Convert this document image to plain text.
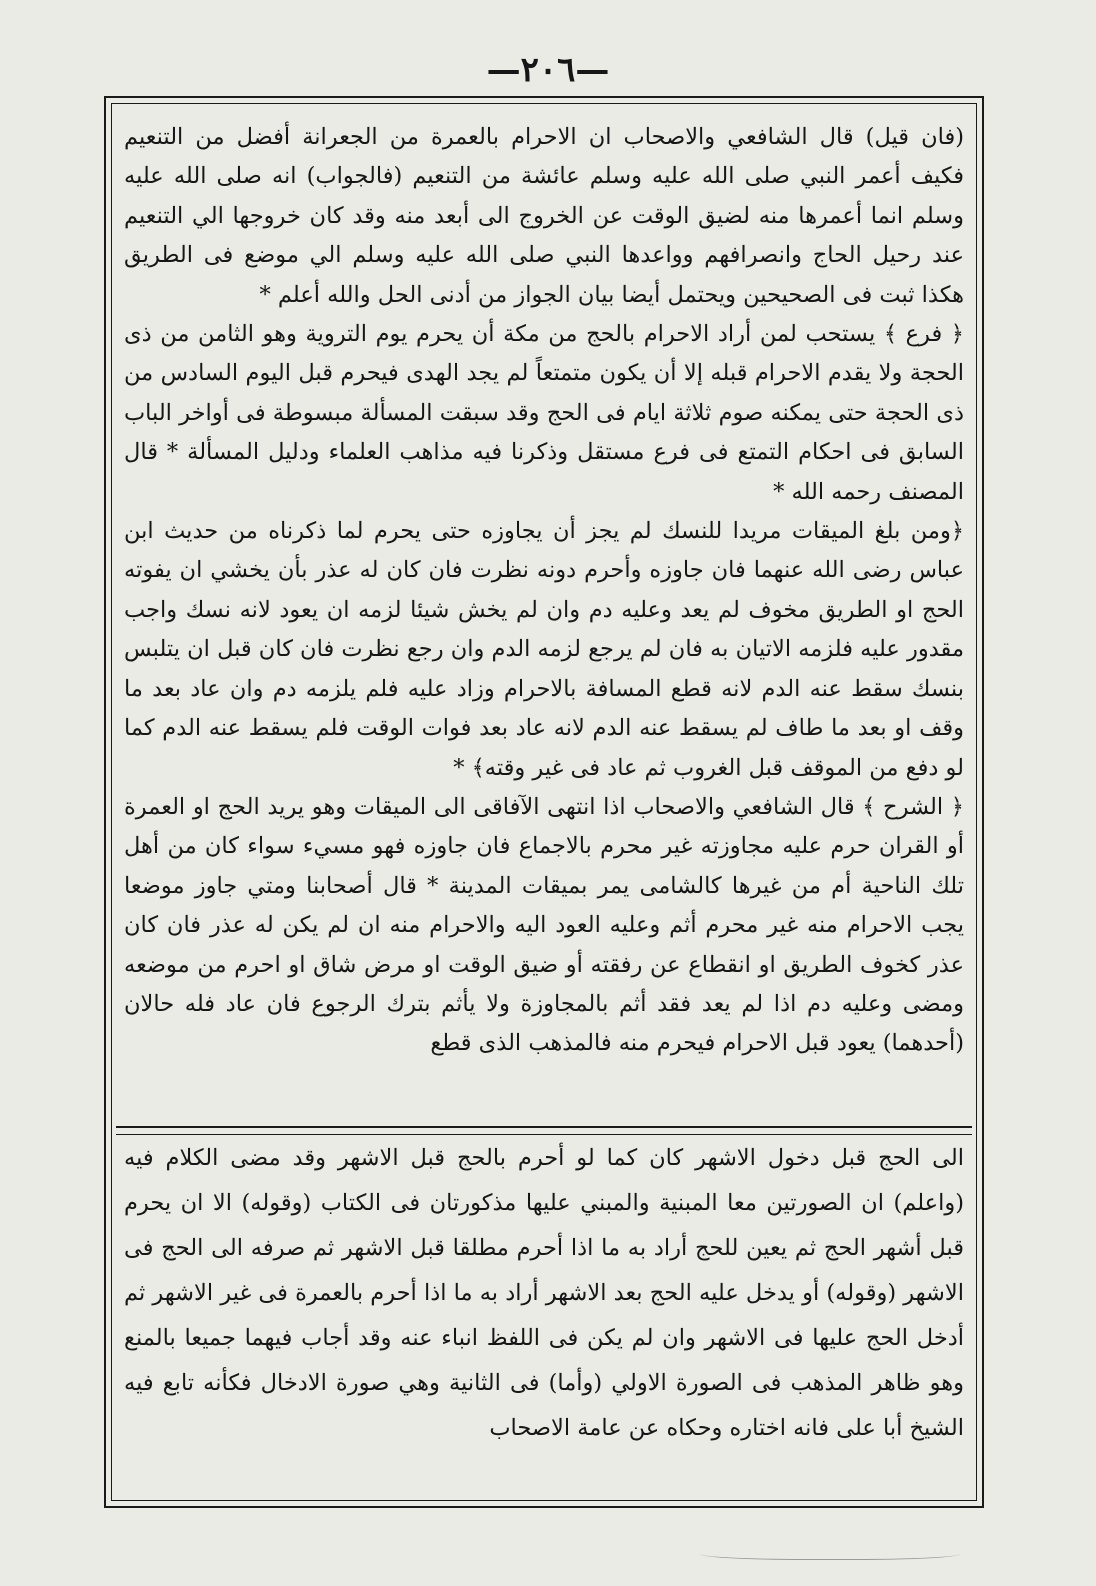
—٢٠٦—

(فان قيل) قال الشافعي والاصحاب ان الاحرام بالعمرة من الجعرانة أفضل من التنعيم فكيف أعمر النبي صلى الله عليه وسلم عائشة من التنعيم (فالجواب) انه صلى الله عليه وسلم انما أعمرها منه لضيق الوقت عن الخروج الى أبعد منه وقد كان خروجها الي التنعيم عند رحيل الحاج وانصرافهم وواعدها النبي صلى الله عليه وسلم الي موضع فى الطريق هكذا ثبت فى الصحيحين ويحتمل أيضا بيان الجواز من أدنى الحل والله أعلم *

﴿ فرع ﴾ يستحب لمن أراد الاحرام بالحج من مكة أن يحرم يوم التروية وهو الثامن من ذى الحجة ولا يقدم الاحرام قبله إلا أن يكون متمتعاً لم يجد الهدى فيحرم قبل اليوم السادس من ذى الحجة حتى يمكنه صوم ثلاثة ايام فى الحج وقد سبقت المسألة مبسوطة فى أواخر الباب السابق فى احكام التمتع فى فرع مستقل وذكرنا فيه مذاهب العلماء ودليل المسألة * قال المصنف رحمه الله *

﴿ومن بلغ الميقات مريدا للنسك لم يجز أن يجاوزه حتى يحرم لما ذكرناه من حديث ابن عباس رضى الله عنهما فان جاوزه وأحرم دونه نظرت فان كان له عذر بأن يخشي ان يفوته الحج او الطريق مخوف لم يعد وعليه دم وان لم يخش شيئا لزمه ان يعود لانه نسك واجب مقدور عليه فلزمه الاتيان به فان لم يرجع لزمه الدم وان رجع نظرت فان كان قبل ان يتلبس بنسك سقط عنه الدم لانه قطع المسافة بالاحرام وزاد عليه فلم يلزمه دم وان عاد بعد ما وقف او بعد ما طاف لم يسقط عنه الدم لانه عاد بعد فوات الوقت فلم يسقط عنه الدم كما لو دفع من الموقف قبل الغروب ثم عاد فى غير وقته﴾ *

﴿ الشرح ﴾ قال الشافعي والاصحاب اذا انتهى الآفاقى الى الميقات وهو يريد الحج او العمرة أو القران حرم عليه مجاوزته غير محرم بالاجماع فان جاوزه فهو مسيء سواء كان من أهل تلك الناحية أم من غيرها كالشامى يمر بميقات المدينة * قال أصحابنا ومتي جاوز موضعا يجب الاحرام منه غير محرم أثم وعليه العود اليه والاحرام منه ان لم يكن له عذر فان كان عذر كخوف الطريق او انقطاع عن رفقته أو ضيق الوقت او مرض شاق او احرم من موضعه ومضى وعليه دم اذا لم يعد فقد أثم بالمجاوزة ولا يأثم بترك الرجوع فان عاد فله حالان (أحدهما) يعود قبل الاحرام فيحرم منه فالمذهب الذى قطع

الى الحج قبل دخول الاشهر كان كما لو أحرم بالحج قبل الاشهر وقد مضى الكلام فيه (واعلم) ان الصورتين معا المبنية والمبني عليها مذكورتان فى الكتاب (وقوله) الا ان يحرم قبل أشهر الحج ثم يعين للحج أراد به ما اذا أحرم مطلقا قبل الاشهر ثم صرفه الى الحج فى الاشهر (وقوله) أو يدخل عليه الحج بعد الاشهر أراد به ما اذا أحرم بالعمرة فى غير الاشهر ثم أدخل الحج عليها فى الاشهر وان لم يكن فى اللفظ انباء عنه وقد أجاب فيهما جميعا بالمنع وهو ظاهر المذهب فى الصورة الاولي (وأما) فى الثانية وهي صورة الادخال فكأنه تابع فيه الشيخ أبا على فانه اختاره وحكاه عن عامة الاصحاب
